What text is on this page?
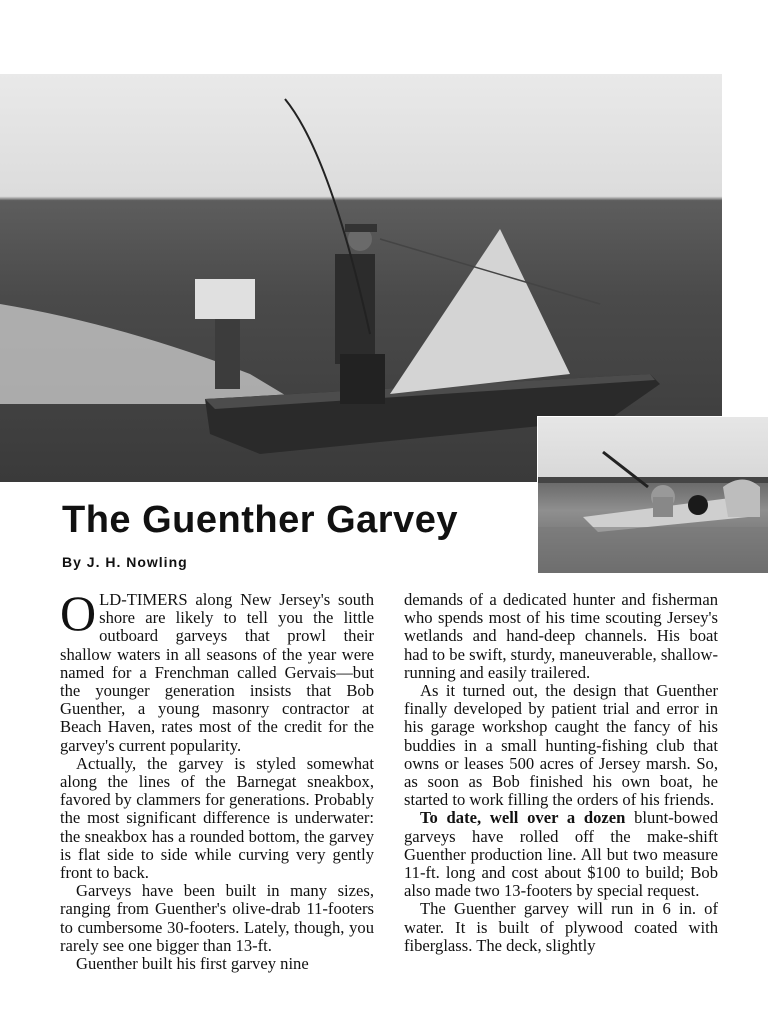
The Guenther Garvey
By J. H. Nowling

OLD-TIMERS along New Jersey's south shore are likely to tell you the little outboard garveys that prowl their shallow waters in all seasons of the year were named for a Frenchman called Gervais—but the younger generation insists that Bob Guenther, a young masonry contractor at Beach Haven, rates most of the credit for the garvey's current popularity.

Actually, the garvey is styled somewhat along the lines of the Barnegat sneakbox, favored by clammers for generations. Probably the most significant difference is underwater: the sneakbox has a rounded bottom, the garvey is flat side to side while curving very gently front to back.

Garveys have been built in many sizes, ranging from Guenther's olive-drab 11-footers to cumbersome 30-footers. Lately, though, you rarely see one bigger than 13-ft.

Guenther built his first garvey nine

demands of a dedicated hunter and fisherman who spends most of his time scouting Jersey's wetlands and hand-deep channels. His boat had to be swift, sturdy, maneuverable, shallow-running and easily trailered.

As it turned out, the design that Guenther finally developed by patient trial and error in his garage workshop caught the fancy of his buddies in a small hunting-fishing club that owns or leases 500 acres of Jersey marsh. So, as soon as Bob finished his own boat, he started to work filling the orders of his friends.

To date, well over a dozen blunt-bowed garveys have rolled off the make-shift Guenther production line. All but two measure 11-ft. long and cost about $100 to build; Bob also made two 13-footers by special request.

The Guenther garvey will run in 6 in. of water. It is built of plywood coated with fiberglass. The deck, slightly
